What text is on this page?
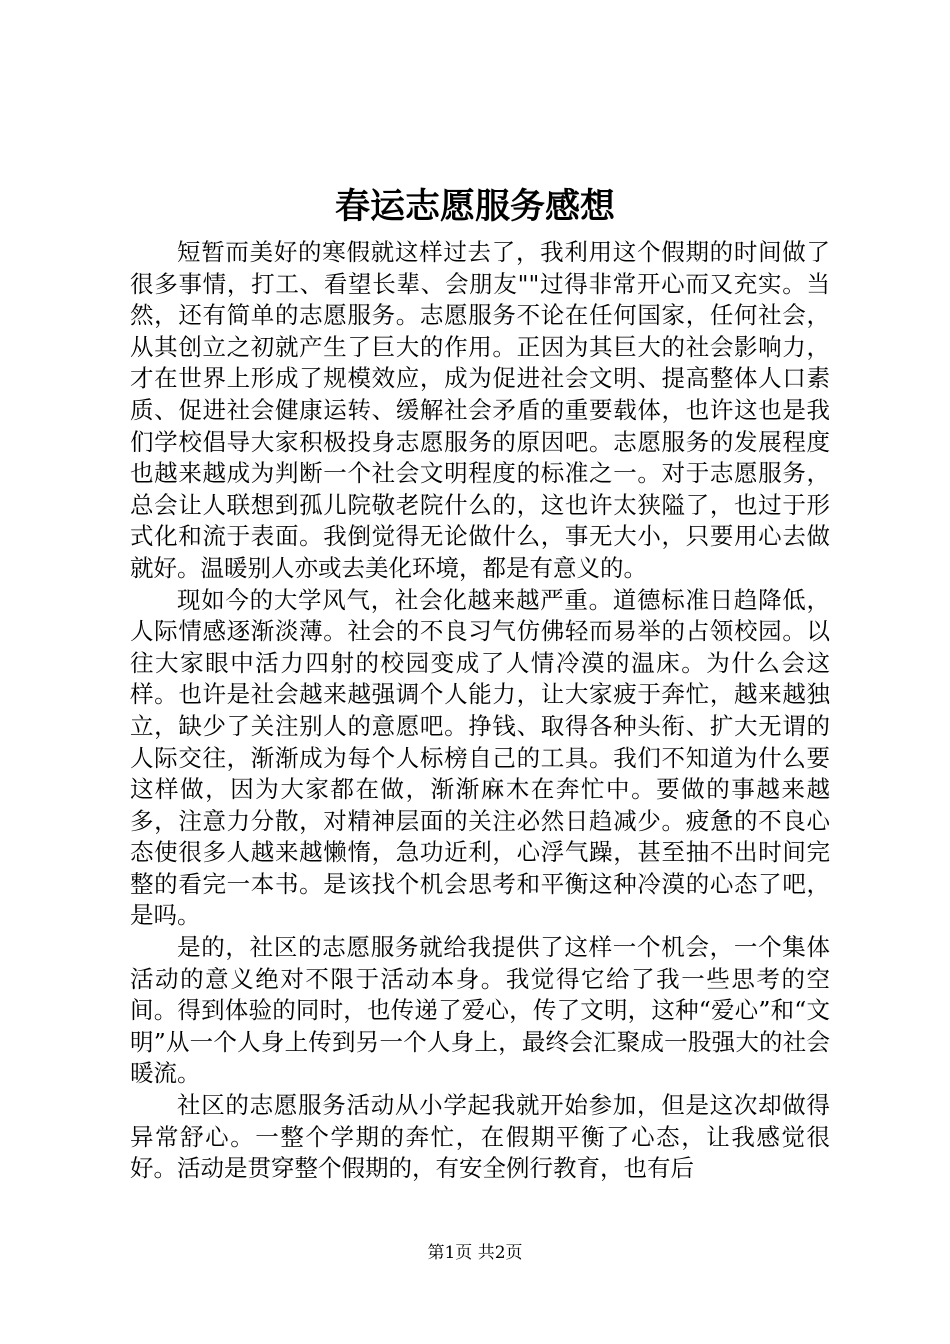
春运志愿服务感想

短暂而美好的寒假就这样过去了，我利用这个假期的时间做了很多事情，打工、看望长辈、会朋友""过得非常开心而又充实。当然，还有简单的志愿服务。志愿服务不论在任何国家，任何社会，从其创立之初就产生了巨大的作用。正因为其巨大的社会影响力，才在世界上形成了规模效应，成为促进社会文明、提高整体人口素质、促进社会健康运转、缓解社会矛盾的重要载体，也许这也是我们学校倡导大家积极投身志愿服务的原因吧。志愿服务的发展程度也越来越成为判断一个社会文明程度的标准之一。对于志愿服务，总会让人联想到孤儿院敬老院什么的，这也许太狭隘了，也过于形式化和流于表面。我倒觉得无论做什么，事无大小，只要用心去做就好。温暖别人亦或去美化环境，都是有意义的。

现如今的大学风气，社会化越来越严重。道德标准日趋降低，人际情感逐渐淡薄。社会的不良习气仿佛轻而易举的占领校园。以往大家眼中活力四射的校园变成了人情冷漠的温床。为什么会这样。也许是社会越来越强调个人能力，让大家疲于奔忙，越来越独立，缺少了关注别人的意愿吧。挣钱、取得各种头衔、扩大无谓的人际交往，渐渐成为每个人标榜自己的工具。我们不知道为什么要这样做，因为大家都在做，渐渐麻木在奔忙中。要做的事越来越多，注意力分散，对精神层面的关注必然日趋减少。疲惫的不良心态使很多人越来越懒惰，急功近利，心浮气躁，甚至抽不出时间完整的看完一本书。是该找个机会思考和平衡这种冷漠的心态了吧，是吗。

是的，社区的志愿服务就给我提供了这样一个机会，一个集体活动的意义绝对不限于活动本身。我觉得它给了我一些思考的空间。得到体验的同时，也传递了爱心，传了文明，这种“爱心”和“文明”从一个人身上传到另一个人身上，最终会汇聚成一股强大的社会暖流。

社区的志愿服务活动从小学起我就开始参加，但是这次却做得异常舒心。一整个学期的奔忙，在假期平衡了心态，让我感觉很好。活动是贯穿整个假期的，有安全例行教育，也有后

第1页 共2页
